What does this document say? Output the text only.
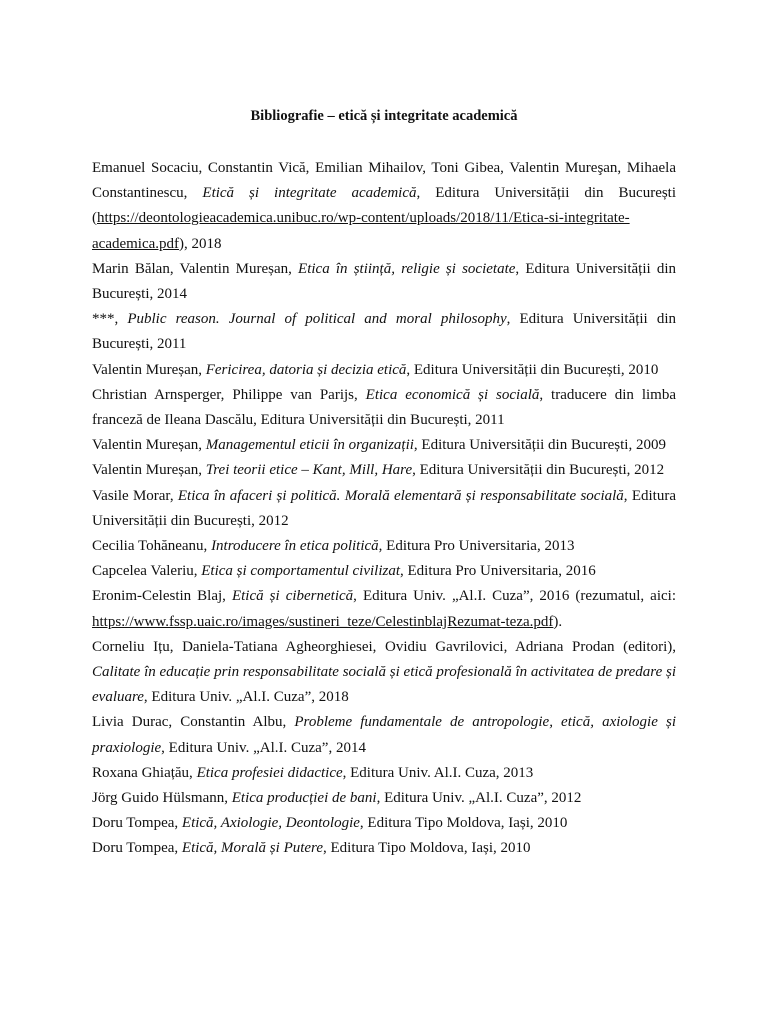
Bibliografie – etică și integritate academică

Emanuel Socaciu, Constantin Vică, Emilian Mihailov, Toni Gibea, Valentin Mureşan, Mihaela Constantinescu, Etică și integritate academică, Editura Universității din București (https://deontologieacademica.unibuc.ro/wp-content/uploads/2018/11/Etica-si-integritate-academica.pdf), 2018

Marin Bălan, Valentin Mureșan, Etica în știință, religie și societate, Editura Universității din București, 2014

***, Public reason. Journal of political and moral philosophy, Editura Universității din București, 2011

Valentin Mureșan, Fericirea, datoria și decizia etică, Editura Universității din București, 2010

Christian Arnsperger, Philippe van Parijs, Etica economică și socială, traducere din limba franceză de Ileana Dascălu, Editura Universității din București, 2011

Valentin Mureșan, Managementul eticii în organizații, Editura Universității din București, 2009

Valentin Mureșan, Trei teorii etice – Kant, Mill, Hare, Editura Universității din București, 2012

Vasile Morar, Etica în afaceri și politică. Morală elementară și responsabilitate socială, Editura Universității din București, 2012

Cecilia Tohăneanu, Introducere în etica politică, Editura Pro Universitaria, 2013

Capcelea Valeriu, Etica și comportamentul civilizat, Editura Pro Universitaria, 2016

Eronim-Celestin Blaj, Etică și cibernetică, Editura Univ. „Al.I. Cuza”, 2016 (rezumatul, aici: https://www.fssp.uaic.ro/images/sustineri_teze/CelestinblajRezumat-teza.pdf).

Corneliu Ițu, Daniela-Tatiana Agheorghiesei, Ovidiu Gavrilovici, Adriana Prodan (editori), Calitate în educație prin responsabilitate socială și etică profesională în activitatea de predare și evaluare, Editura Univ. „Al.I. Cuza”, 2018

Livia Durac, Constantin Albu, Probleme fundamentale de antropologie, etică, axiologie și praxiologie, Editura Univ. „Al.I. Cuza”, 2014

Roxana Ghiațău, Etica profesiei didactice, Editura Univ. Al.I. Cuza, 2013

Jörg Guido Hülsmann, Etica producției de bani, Editura Univ. „Al.I. Cuza”, 2012

Doru Tompea, Etică, Axiologie, Deontologie, Editura Tipo Moldova, Iași, 2010

Doru Tompea, Etică, Morală și Putere, Editura Tipo Moldova, Iași, 2010
